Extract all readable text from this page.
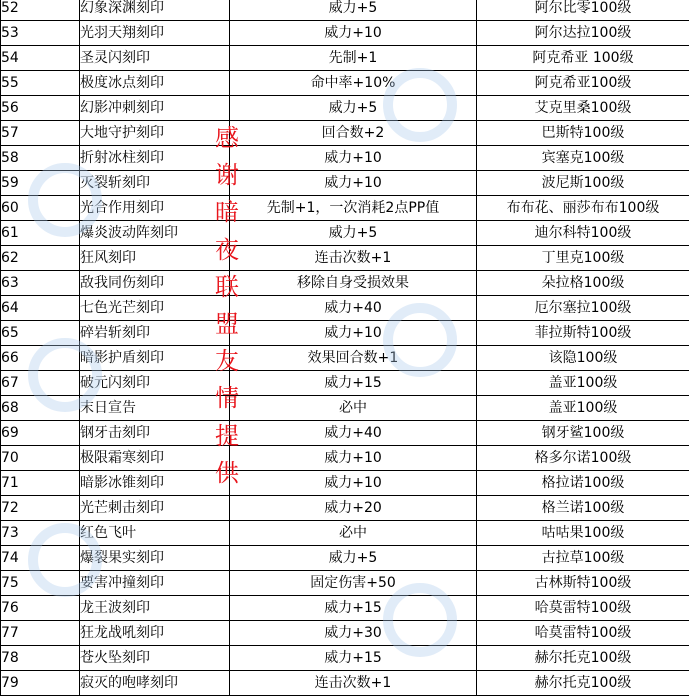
52	幻象深渊刻印	威力+5	阿尔比零100级
53	光羽天翔刻印	威力+10	阿尔达拉100级
54	圣灵闪刻印	先制+1	阿克希亚 100级
55	极度冰点刻印	命中率+10%	阿克希亚100级
56	幻影冲刺刻印	威力+5	艾克里桑100级
57	大地守护刻印	回合数+2	巴斯特100级
58	折射冰柱刻印	威力+10	宾塞克100级
59	灭裂斩刻印	威力+10	波尼斯100级
60	光合作用刻印	先制+1，一次消耗2点PP值	布布花、丽莎布布100级
61	爆炎波动阵刻印	威力+5	迪尔科特100级
62	狂风刻印	连击次数+1	丁里克100级
63	敌我同伤刻印	移除自身受损效果	朵拉格100级
64	七色光芒刻印	威力+40	厄尔塞拉100级
65	碎岩斩刻印	威力+10	菲拉斯特100级
66	暗影护盾刻印	效果回合数+1	该隐100级
67	破元闪刻印	威力+15	盖亚100级
68	末日宣告	必中	盖亚100级
69	钢牙击刻印	威力+40	钢牙鲨100级
70	极限霜寒刻印	威力+10	格多尔诺100级
71	暗影冰锥刻印	威力+10	格拉诺100级
72	光芒刺击刻印	威力+20	格兰诺100级
73	红色飞叶	必中	咕咕果100级
74	爆裂果实刻印	威力+5	古拉草100级
75	要害冲撞刻印	固定伤害+50	古林斯特100级
76	龙王波刻印	威力+15	哈莫雷特100级
77	狂龙战吼刻印	威力+30	哈莫雷特100级
78	苍火坠刻印	威力+15	赫尔托克100级
79	寂灭的咆哮刻印	连击次数+1	赫尔托克100级
感
谢
暗
夜
联
盟
友
情
提
供
